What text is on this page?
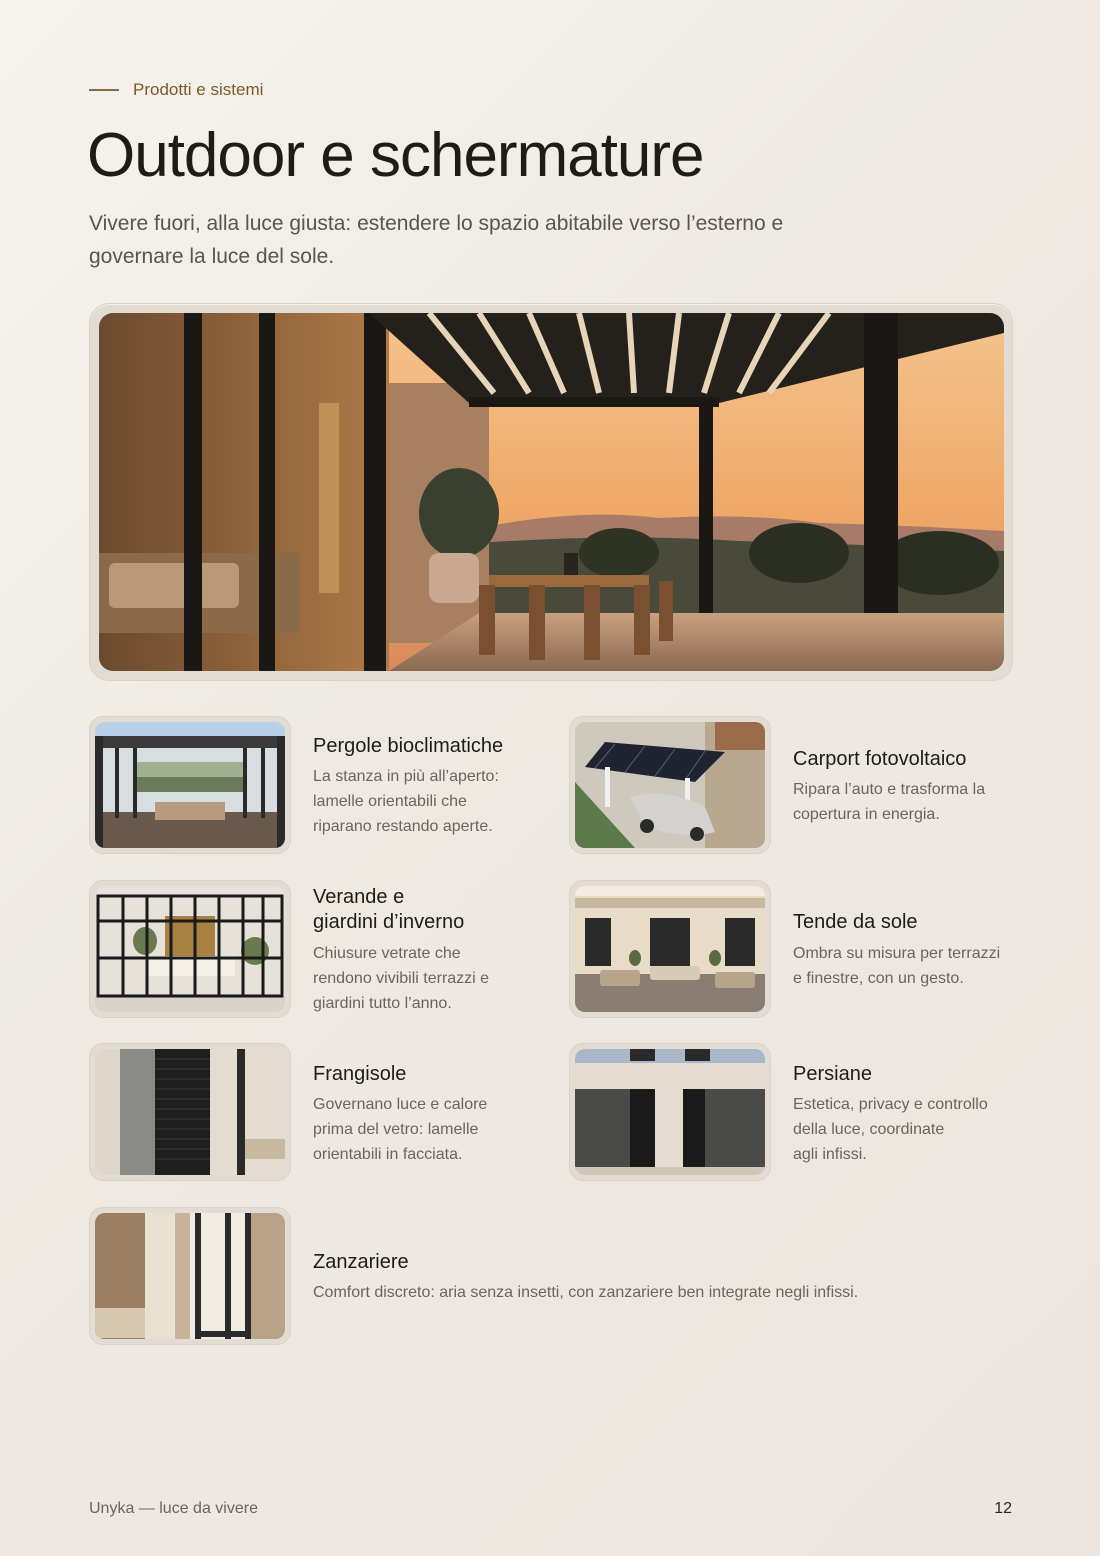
Prodotti e sistemi
Outdoor e schermature
Vivere fuori, alla luce giusta: estendere lo spazio abitabile verso l’esterno e governare la luce del sole.
Pergole bioclimatiche
La stanza in più all’aperto:
lamelle orientabili che
riparano restando aperte.
Carport fotovoltaico
Ripara l’auto e trasforma la
copertura in energia.
Verande e
giardini d’inverno
Chiusure vetrate che
rendono vivibili terrazzi e
giardini tutto l’anno.
Tende da sole
Ombra su misura per terrazzi
e finestre, con un gesto.
Frangisole
Governano luce e calore
prima del vetro: lamelle
orientabili in facciata.
Persiane
Estetica, privacy e controllo
della luce, coordinate
agli infissi.
Zanzariere
Comfort discreto: aria senza insetti, con zanzariere ben integrate negli infissi.
Unyka — luce da vivere	12
